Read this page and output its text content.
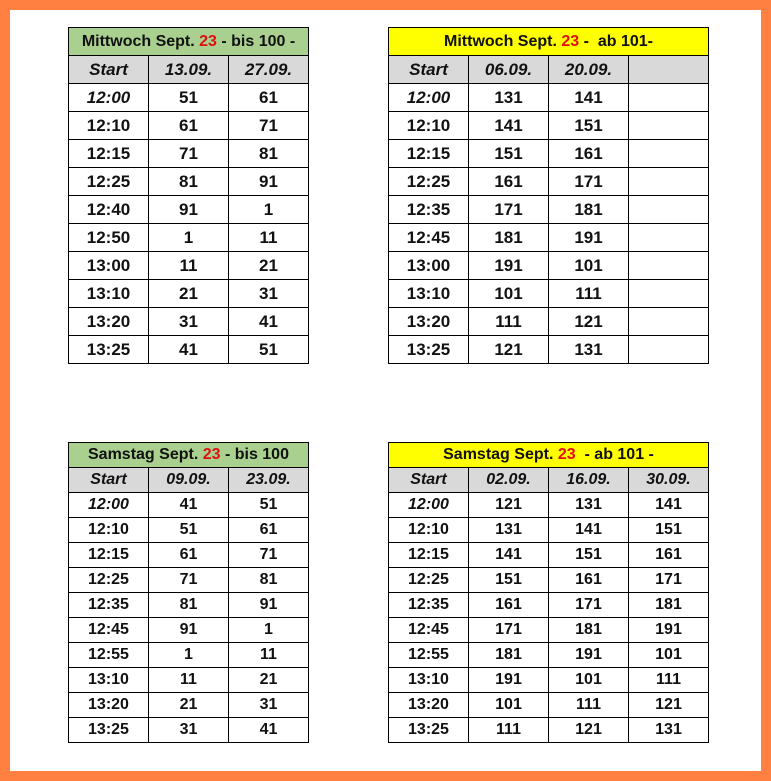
Mittwoch Sept. 23 - bis 100 -		
Start	13.09.	27.09.
12:00	51	61
12:10	61	71
12:15	71	81
12:25	81	91
12:40	91	1
12:50	1	11
13:00	11	21
13:10	21	31
13:20	31	41
13:25	41	51
Mittwoch Sept. 23 -  ab 101-			
Start	06.09.	20.09.	
12:00	131	141	
12:10	141	151	
12:15	151	161	
12:25	161	171	
12:35	171	181	
12:45	181	191	
13:00	191	101	
13:10	101	111	
13:20	111	121	
13:25	121	131	
Samstag Sept. 23 - bis 100		
Start	09.09.	23.09.
12:00	41	51
12:10	51	61
12:15	61	71
12:25	71	81
12:35	81	91
12:45	91	1
12:55	1	11
13:10	11	21
13:20	21	31
13:25	31	41
Samstag Sept. 23  - ab 101 -			
Start	02.09.	16.09.	30.09.
12:00	121	131	141
12:10	131	141	151
12:15	141	151	161
12:25	151	161	171
12:35	161	171	181
12:45	171	181	191
12:55	181	191	101
13:10	191	101	111
13:20	101	111	121
13:25	111	121	131
